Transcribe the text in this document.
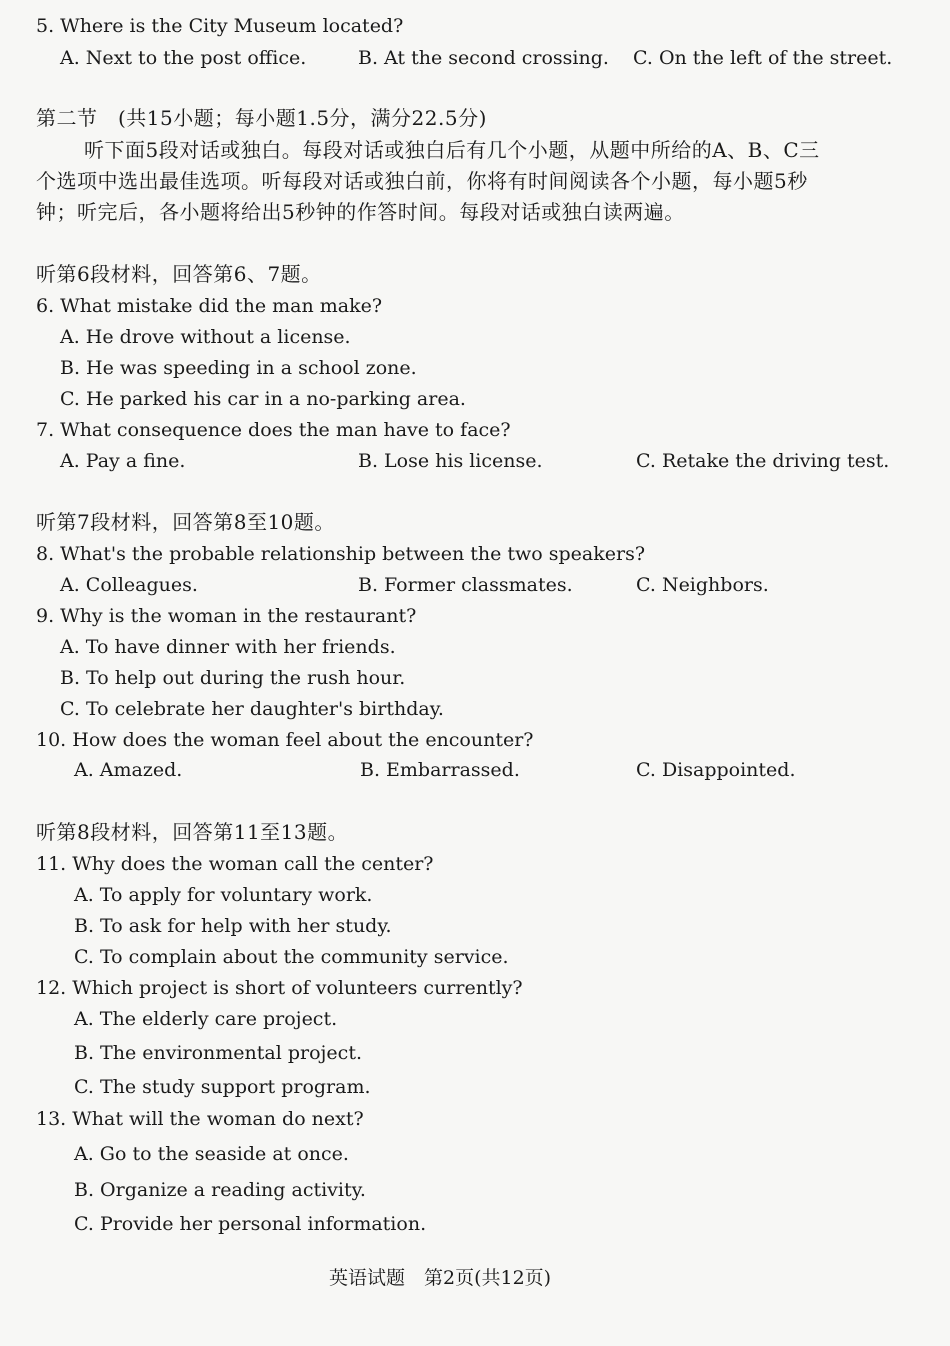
5. Where is the City Museum located?
A. Next to the post office.	B. At the second crossing. C. On the left of the street.
第二节　(共15小题；每小题1.5分，满分22.5分)
听下面5段对话或独白。每段对话或独白后有几个小题，从题中所给的A、B、C三
个选项中选出最佳选项。听每段对话或独白前，你将有时间阅读各个小题，每小题5秒
钟；听完后，各小题将给出5秒钟的作答时间。每段对话或独白读两遍。
听第6段材料，回答第6、7题。
6. What mistake did the man make?
A. He drove without a license.
B. He was speeding in a school zone.
C. He parked his car in a no-parking area.
7. What consequence does the man have to face?
A. Pay a fine.	B. Lose his license.	C. Retake the driving test.
听第7段材料，回答第8至10题。
8. What's the probable relationship between the two speakers?
A. Colleagues.	B. Former classmates.	C. Neighbors.
9. Why is the woman in the restaurant?
A. To have dinner with her friends.
B. To help out during the rush hour.
C. To celebrate her daughter's birthday.
10. How does the woman feel about the encounter?
A. Amazed.	B. Embarrassed.	C. Disappointed.
听第8段材料，回答第11至13题。
11. Why does the woman call the center?
A. To apply for voluntary work.
B. To ask for help with her study.
C. To complain about the community service.
12. Which project is short of volunteers currently?
A. The elderly care project.
B. The environmental project.
C. The study support program.
13. What will the woman do next?
A. Go to the seaside at once.
B. Organize a reading activity.
C. Provide her personal information.
英语试题　第2页(共12页)
